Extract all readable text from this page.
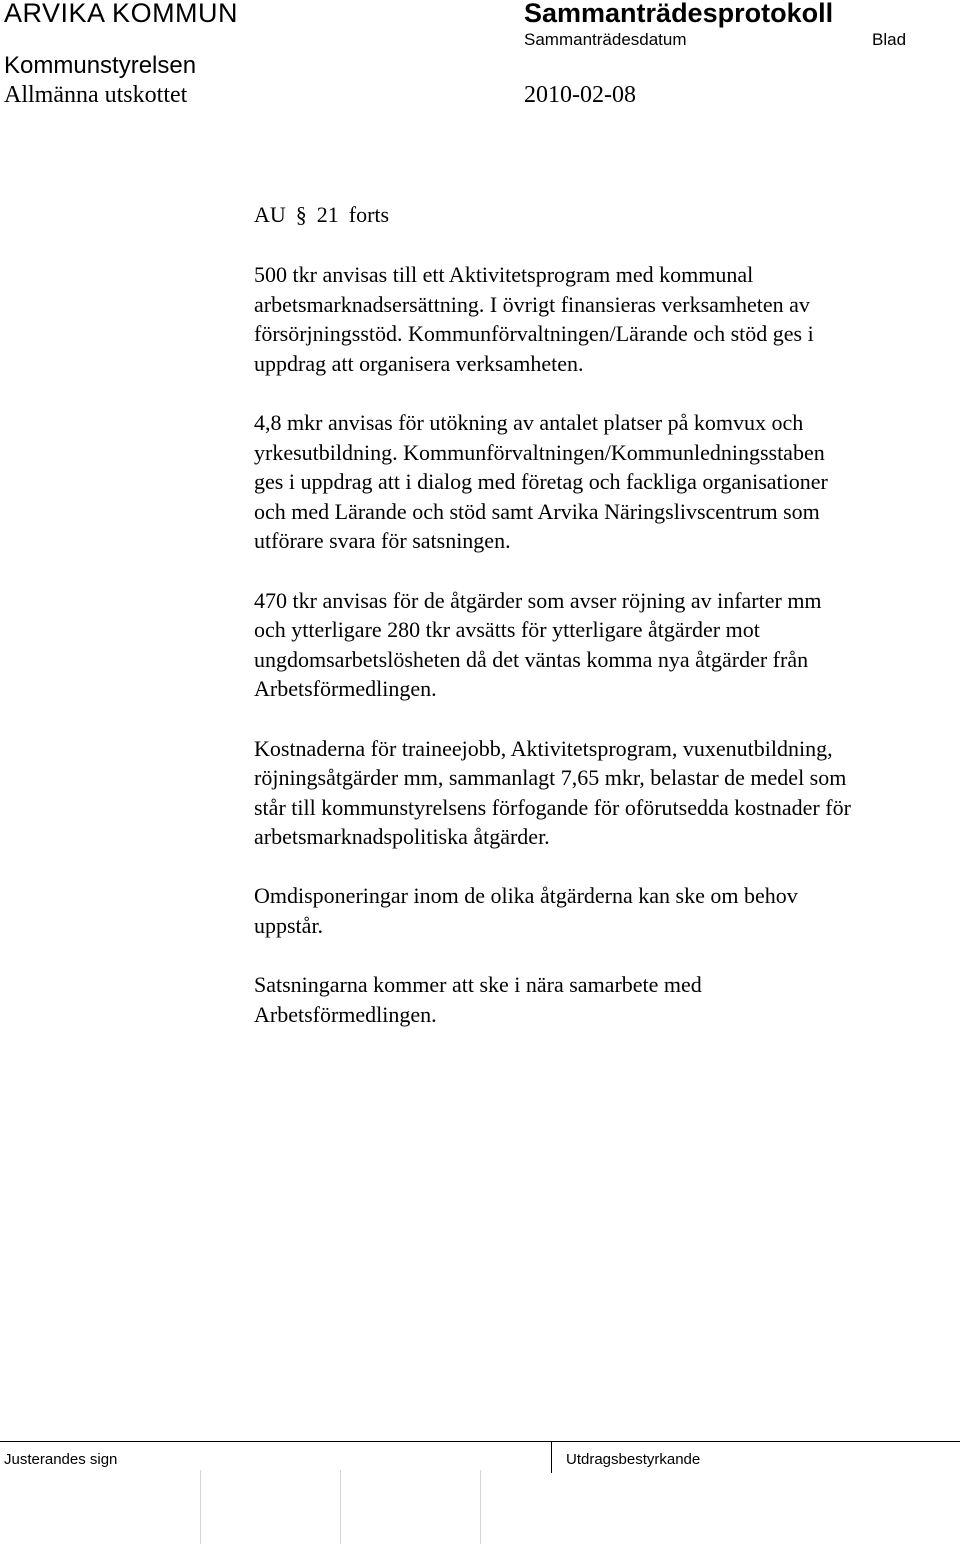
ARVIKA KOMMUN	Sammanträdesprotokoll
Sammanträdesdatum	Blad
Kommunstyrelsen
Allmänna utskottet	2010-02-08
AU § 21 forts
500 tkr anvisas till ett Aktivitetsprogram med kommunal
arbetsmarknadsersättning. I övrigt finansieras verksamheten av
försörjningsstöd. Kommunförvaltningen/Lärande och stöd ges i
uppdrag att organisera verksamheten.
4,8 mkr anvisas för utökning av antalet platser på komvux och
yrkesutbildning. Kommunförvaltningen/Kommunledningsstaben
ges i uppdrag att i dialog med företag och fackliga organisationer
och med Lärande och stöd samt Arvika Näringslivscentrum som
utförare svara för satsningen.
470 tkr anvisas för de åtgärder som avser röjning av infarter mm
och ytterligare 280 tkr avsätts för ytterligare åtgärder mot
ungdomsarbetslösheten då det väntas komma nya åtgärder från
Arbetsförmedlingen.
Kostnaderna för traineejobb, Aktivitetsprogram, vuxenutbildning,
röjningsåtgärder mm, sammanlagt 7,65 mkr, belastar de medel som
står till kommunstyrelsens förfogande för oförutsedda kostnader för
arbetsmarknadspolitiska åtgärder.
Omdisponeringar inom de olika åtgärderna kan ske om behov
uppstår.
Satsningarna kommer att ske i nära samarbete med
Arbetsförmedlingen.
Justerandes sign	Utdragsbestyrkande
